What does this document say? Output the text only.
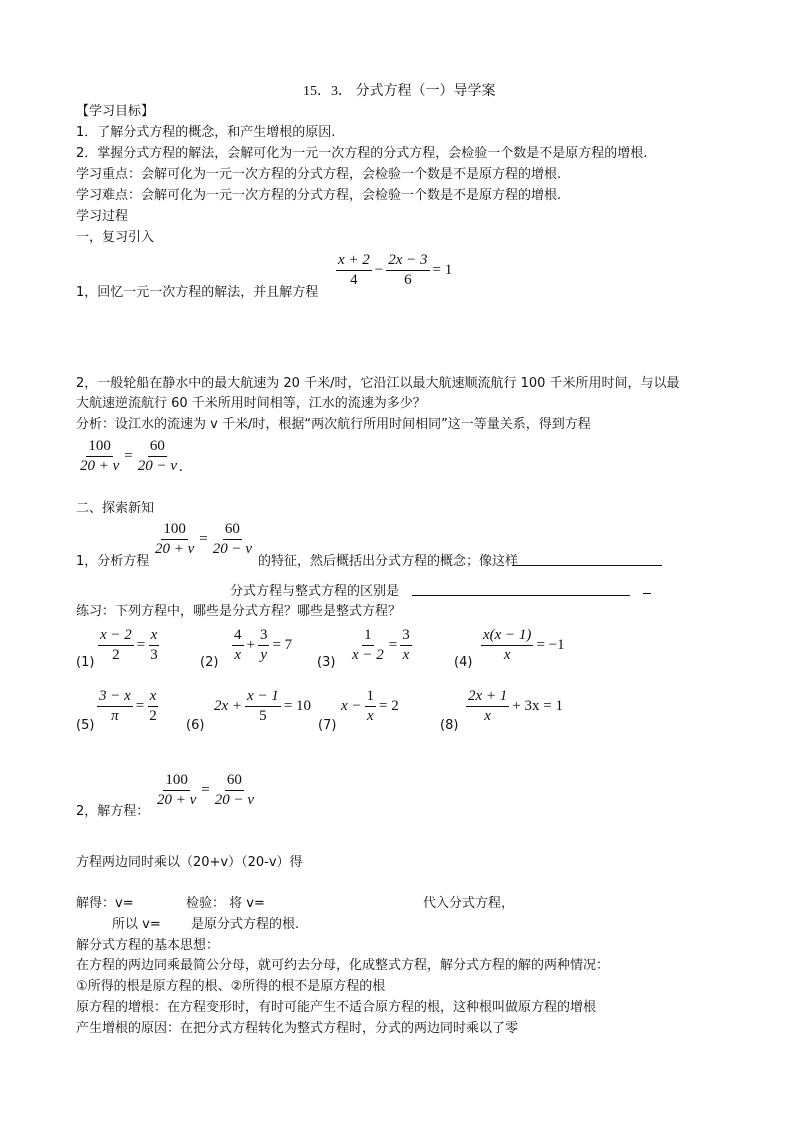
15．3． 分式方程（一）导学案
【学习目标】
1．了解分式方程的概念，和产生增根的原因.
2．掌握分式方程的解法，会解可化为一元一次方程的分式方程，会检验一个数是不是原方程的增根.
学习重点：会解可化为一元一次方程的分式方程，会检验一个数是不是原方程的增根.
学习难点：会解可化为一元一次方程的分式方程，会检验一个数是不是原方程的增根.
学习过程
一，复习引入
$\frac{x + 2}{4} - \frac{2x - 3}{6} = 1$
1，回忆一元一次方程的解法，并且解方程
2，一般轮船在静水中的最大航速为 20 千米/时，它沿江以最大航速顺流航行 100 千米所用时间，与以最
大航速逆流航行 60 千米所用时间相等，江水的流速为多少？
分析：设江水的流速为 v 千米/时，根据“两次航行所用时间相同”这一等量关系，得到方程
$\frac{100}{20 + v} = \frac{60}{20 - v}$ .
二、探索新知
1，分析方程
$\frac{100}{20 + v} = \frac{60}{20 - v}$
的特征，然后概括出分式方程的概念；像这样
分式方程与整式方程的区别是
练习：下列方程中，哪些是分式方程？哪些是整式方程？
$(1) \frac{x - 2}{2} = \frac{x}{3}$	$(2) \frac{4}{x} + \frac{3}{y} = 7$
$(3) \frac{1}{x - 2} = \frac{3}{x}$	$(4) \frac{x(x - 1)}{x} = -1$
$(5) \frac{3 - x}{\pi} = \frac{x}{2} (6)$
$2x + \frac{x - 1}{5} = 10$
(7)
$x - \frac{1}{x} = 2$
$(8) \frac{2x + 1}{x} + 3x = 1$
2，解方程：
$\frac{100}{20 + v} = \frac{60}{20 - v}$
方程两边同时乘以（20+v）（20-v）得
解得：v=	检验： 将 v=	代入分式方程，
所以 v= 是原分式方程的根.
解分式方程的基本思想：
在方程的两边同乘最简公分母，就可约去分母，化成整式方程，解分式方程的解的两种情况：
①所得的根是原方程的根、②所得的根不是原方程的根
原方程的增根：在方程变形时，有时可能产生不适合原方程的根，这种根叫做原方程的增根
产生增根的原因：在把分式方程转化为整式方程时，分式的两边同时乘以了零
